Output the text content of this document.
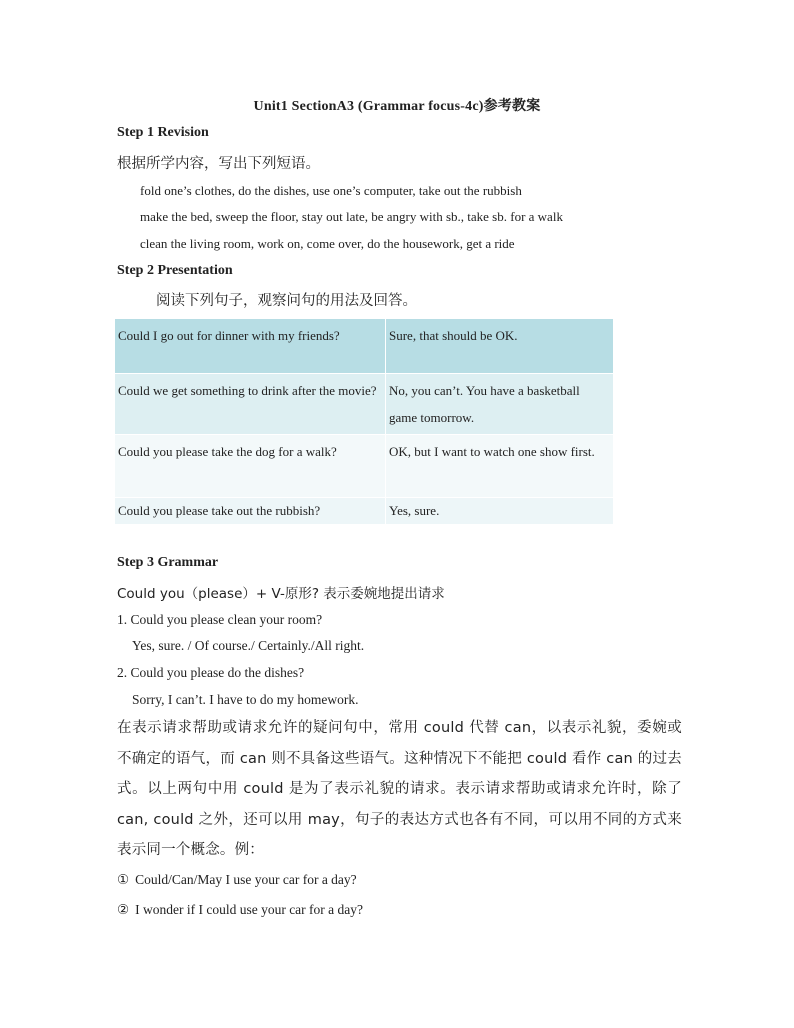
Unit1 SectionA3 (Grammar focus-4c)参考教案
Step 1 Revision
根据所学内容，写出下列短语。
fold one’s clothes, do the dishes, use one’s computer, take out the rubbish
make the bed, sweep the floor, stay out late, be angry with sb., take sb. for a walk
clean the living room, work on, come over, do the housework, get a ride
Step 2 Presentation
阅读下列句子，观察问句的用法及回答。
Could I go out for dinner with my friends?	Sure, that should be OK.
Could we get something to drink after the movie?	No, you can’t. You have a basketball game tomorrow.
Could you please take the dog for a walk?	OK, but I want to watch one show first.
Could you please take out the rubbish?	Yes, sure.
Step 3 Grammar
Could you（please）+ V-原形? 表示委婉地提出请求
1. Could you please clean your room?
Yes, sure. / Of course./ Certainly./All right.
2. Could you please do the dishes?
Sorry, I can’t. I have to do my homework.
在表示请求帮助或请求允许的疑问句中，常用 could 代替 can，以表示礼貌，委婉或不确定的语气，而 can 则不具备这些语气。这种情况下不能把 could 看作 can 的过去式。以上两句中用 could 是为了表示礼貌的请求。表示请求帮助或请求允许时，除了 can, could 之外，还可以用 may，句子的表达方式也各有不同，可以用不同的方式来表示同一个概念。例：
① Could/Can/May I use your car for a day?
② I wonder if I could use your car for a day?
